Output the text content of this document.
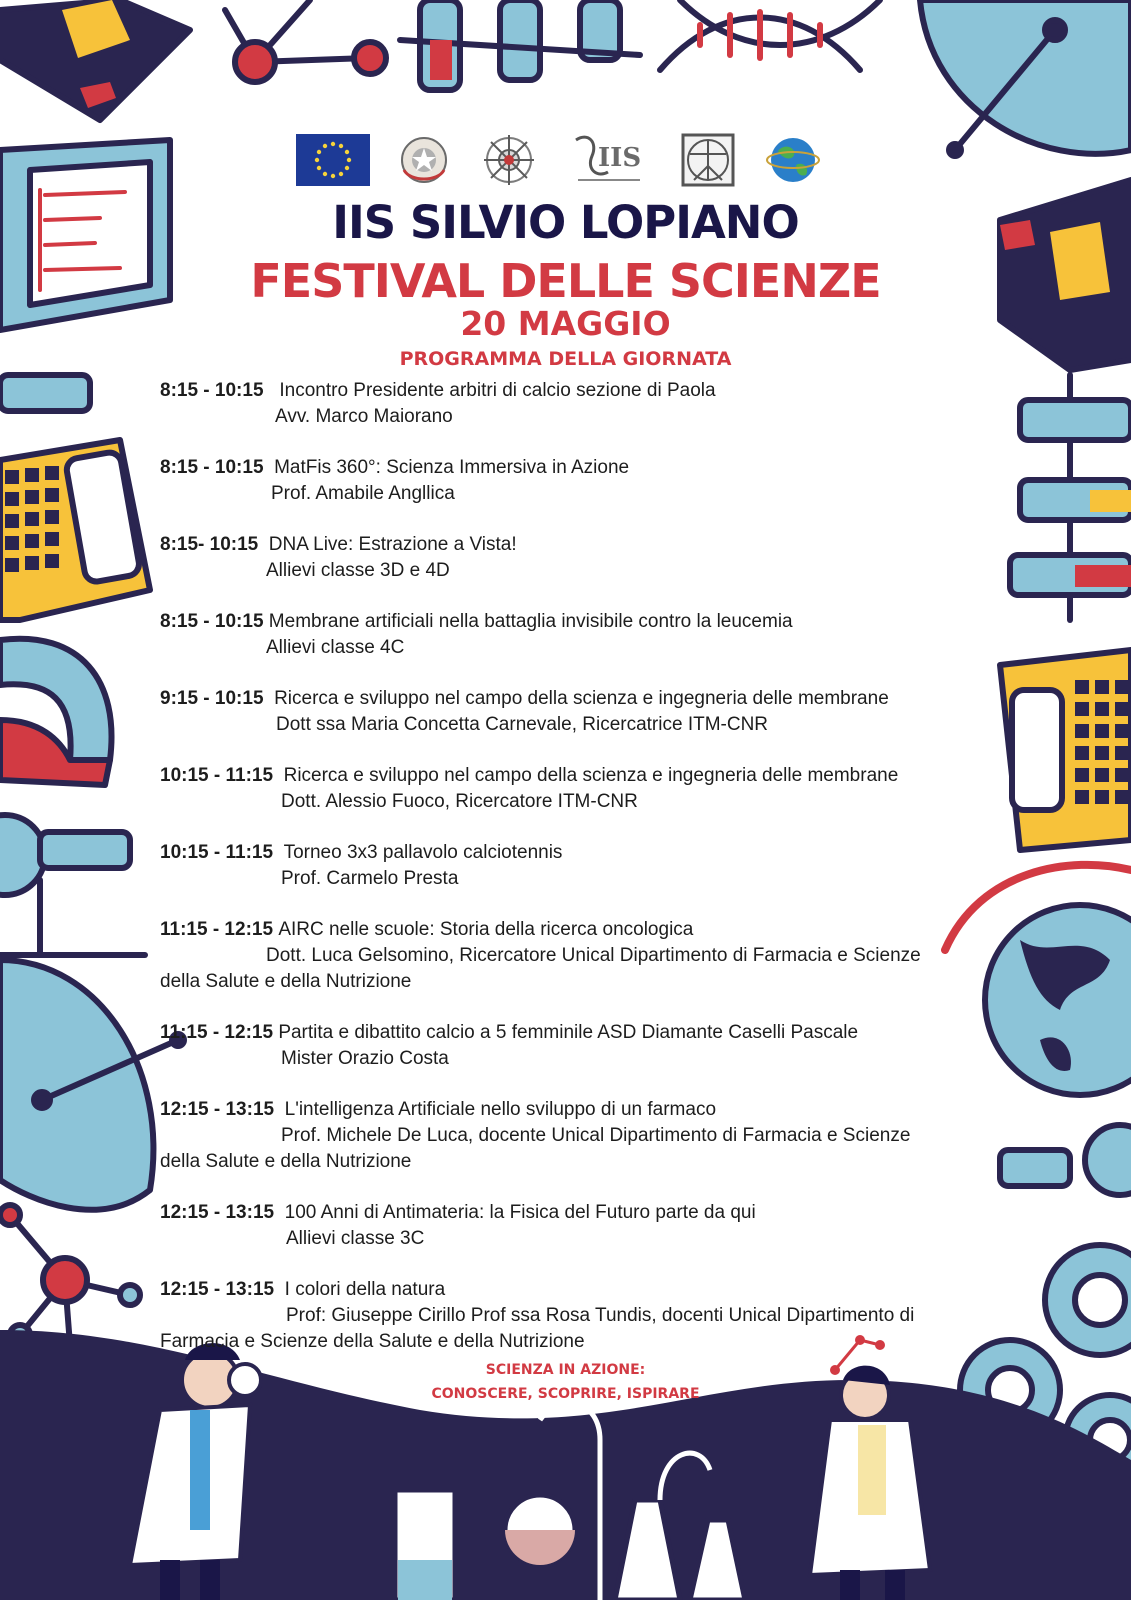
IIS
IIS SILVIO LOPIANO
FESTIVAL DELLE SCIENZE
20 MAGGIO
PROGRAMMA DELLA GIORNATA
8:15 - 10:15 Incontro Presidente arbitri di calcio sezione di Paola
Avv. Marco Maiorano
8:15 - 10:15 MatFis 360°: Scienza Immersiva in Azione
Prof. Amabile Angllica
8:15- 10:15 DNA Live: Estrazione a Vista!
Allievi classe 3D e 4D
8:15 - 10:15 Membrane artificiali nella battaglia invisibile contro la leucemia
Allievi classe 4C
9:15 - 10:15 Ricerca e sviluppo nel campo della scienza e ingegneria delle membrane
Dott ssa Maria Concetta Carnevale, Ricercatrice ITM-CNR
10:15 - 11:15 Ricerca e sviluppo nel campo della scienza e ingegneria delle membrane
Dott. Alessio Fuoco, Ricercatore ITM-CNR
10:15 - 11:15 Torneo 3x3 pallavolo calciotennis
Prof. Carmelo Presta
11:15 - 12:15 AIRC nelle scuole: Storia della ricerca oncologica
Dott. Luca Gelsomino, Ricercatore Unical Dipartimento di Farmacia e Scienze
della Salute e della Nutrizione
11:15 - 12:15 Partita e dibattito calcio a 5 femminile ASD Diamante Caselli Pascale
Mister Orazio Costa
12:15 - 13:15 L'intelligenza Artificiale nello sviluppo di un farmaco
Prof. Michele De Luca, docente Unical Dipartimento di Farmacia e Scienze
della Salute e della Nutrizione
12:15 - 13:15 100 Anni di Antimateria: la Fisica del Futuro parte da qui
Allievi classe 3C
12:15 - 13:15 I colori della natura
Prof: Giuseppe Cirillo Prof ssa Rosa Tundis, docenti Unical Dipartimento di
Farmacia e Scienze della Salute e della Nutrizione
SCIENZA IN AZIONE:
CONOSCERE, SCOPRIRE, ISPIRARE
